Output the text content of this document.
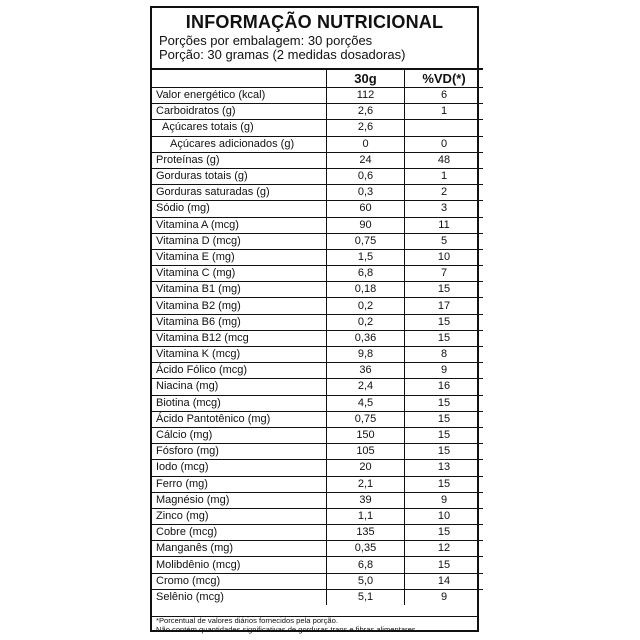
INFORMAÇÃO NUTRICIONAL
Porções por embalagem: 30 porções
Porção: 30 gramas (2 medidas dosadoras)
	30g	%VD(*)
Valor energético (kcal)	112	6
Carboidratos (g)	2,6	1
Açúcares totais (g)	2,6	
Açúcares adicionados (g)	0	0
Proteínas (g)	24	48
Gorduras totais (g)	0,6	1
Gorduras saturadas (g)	0,3	2
Sódio (mg)	60	3
Vitamina A (mcg)	90	11
Vitamina D (mcg)	0,75	5
Vitamina E (mg)	1,5	10
Vitamina C (mg)	6,8	7
Vitamina B1 (mg)	0,18	15
Vitamina B2 (mg)	0,2	17
Vitamina B6 (mg)	0,2	15
Vitamina B12 (mcg	0,36	15
Vitamina K (mcg)	9,8	8
Ácido Fólico (mcg)	36	9
Niacina (mg)	2,4	16
Biotina (mcg)	4,5	15
Ácido Pantotênico (mg)	0,75	15
Cálcio (mg)	150	15
Fósforo (mg)	105	15
Iodo (mcg)	20	13
Ferro (mg)	2,1	15
Magnésio (mg)	39	9
Zinco (mg)	1,1	10
Cobre (mcg)	135	15
Manganês (mg)	0,35	12
Molibdênio (mcg)	6,8	15
Cromo (mcg)	5,0	14
Selênio (mcg)	5,1	9
*Porcentual de valores diários fornecidos pela porção.
Não contém quantidades significativas de gorduras trans e fibras alimentares.
